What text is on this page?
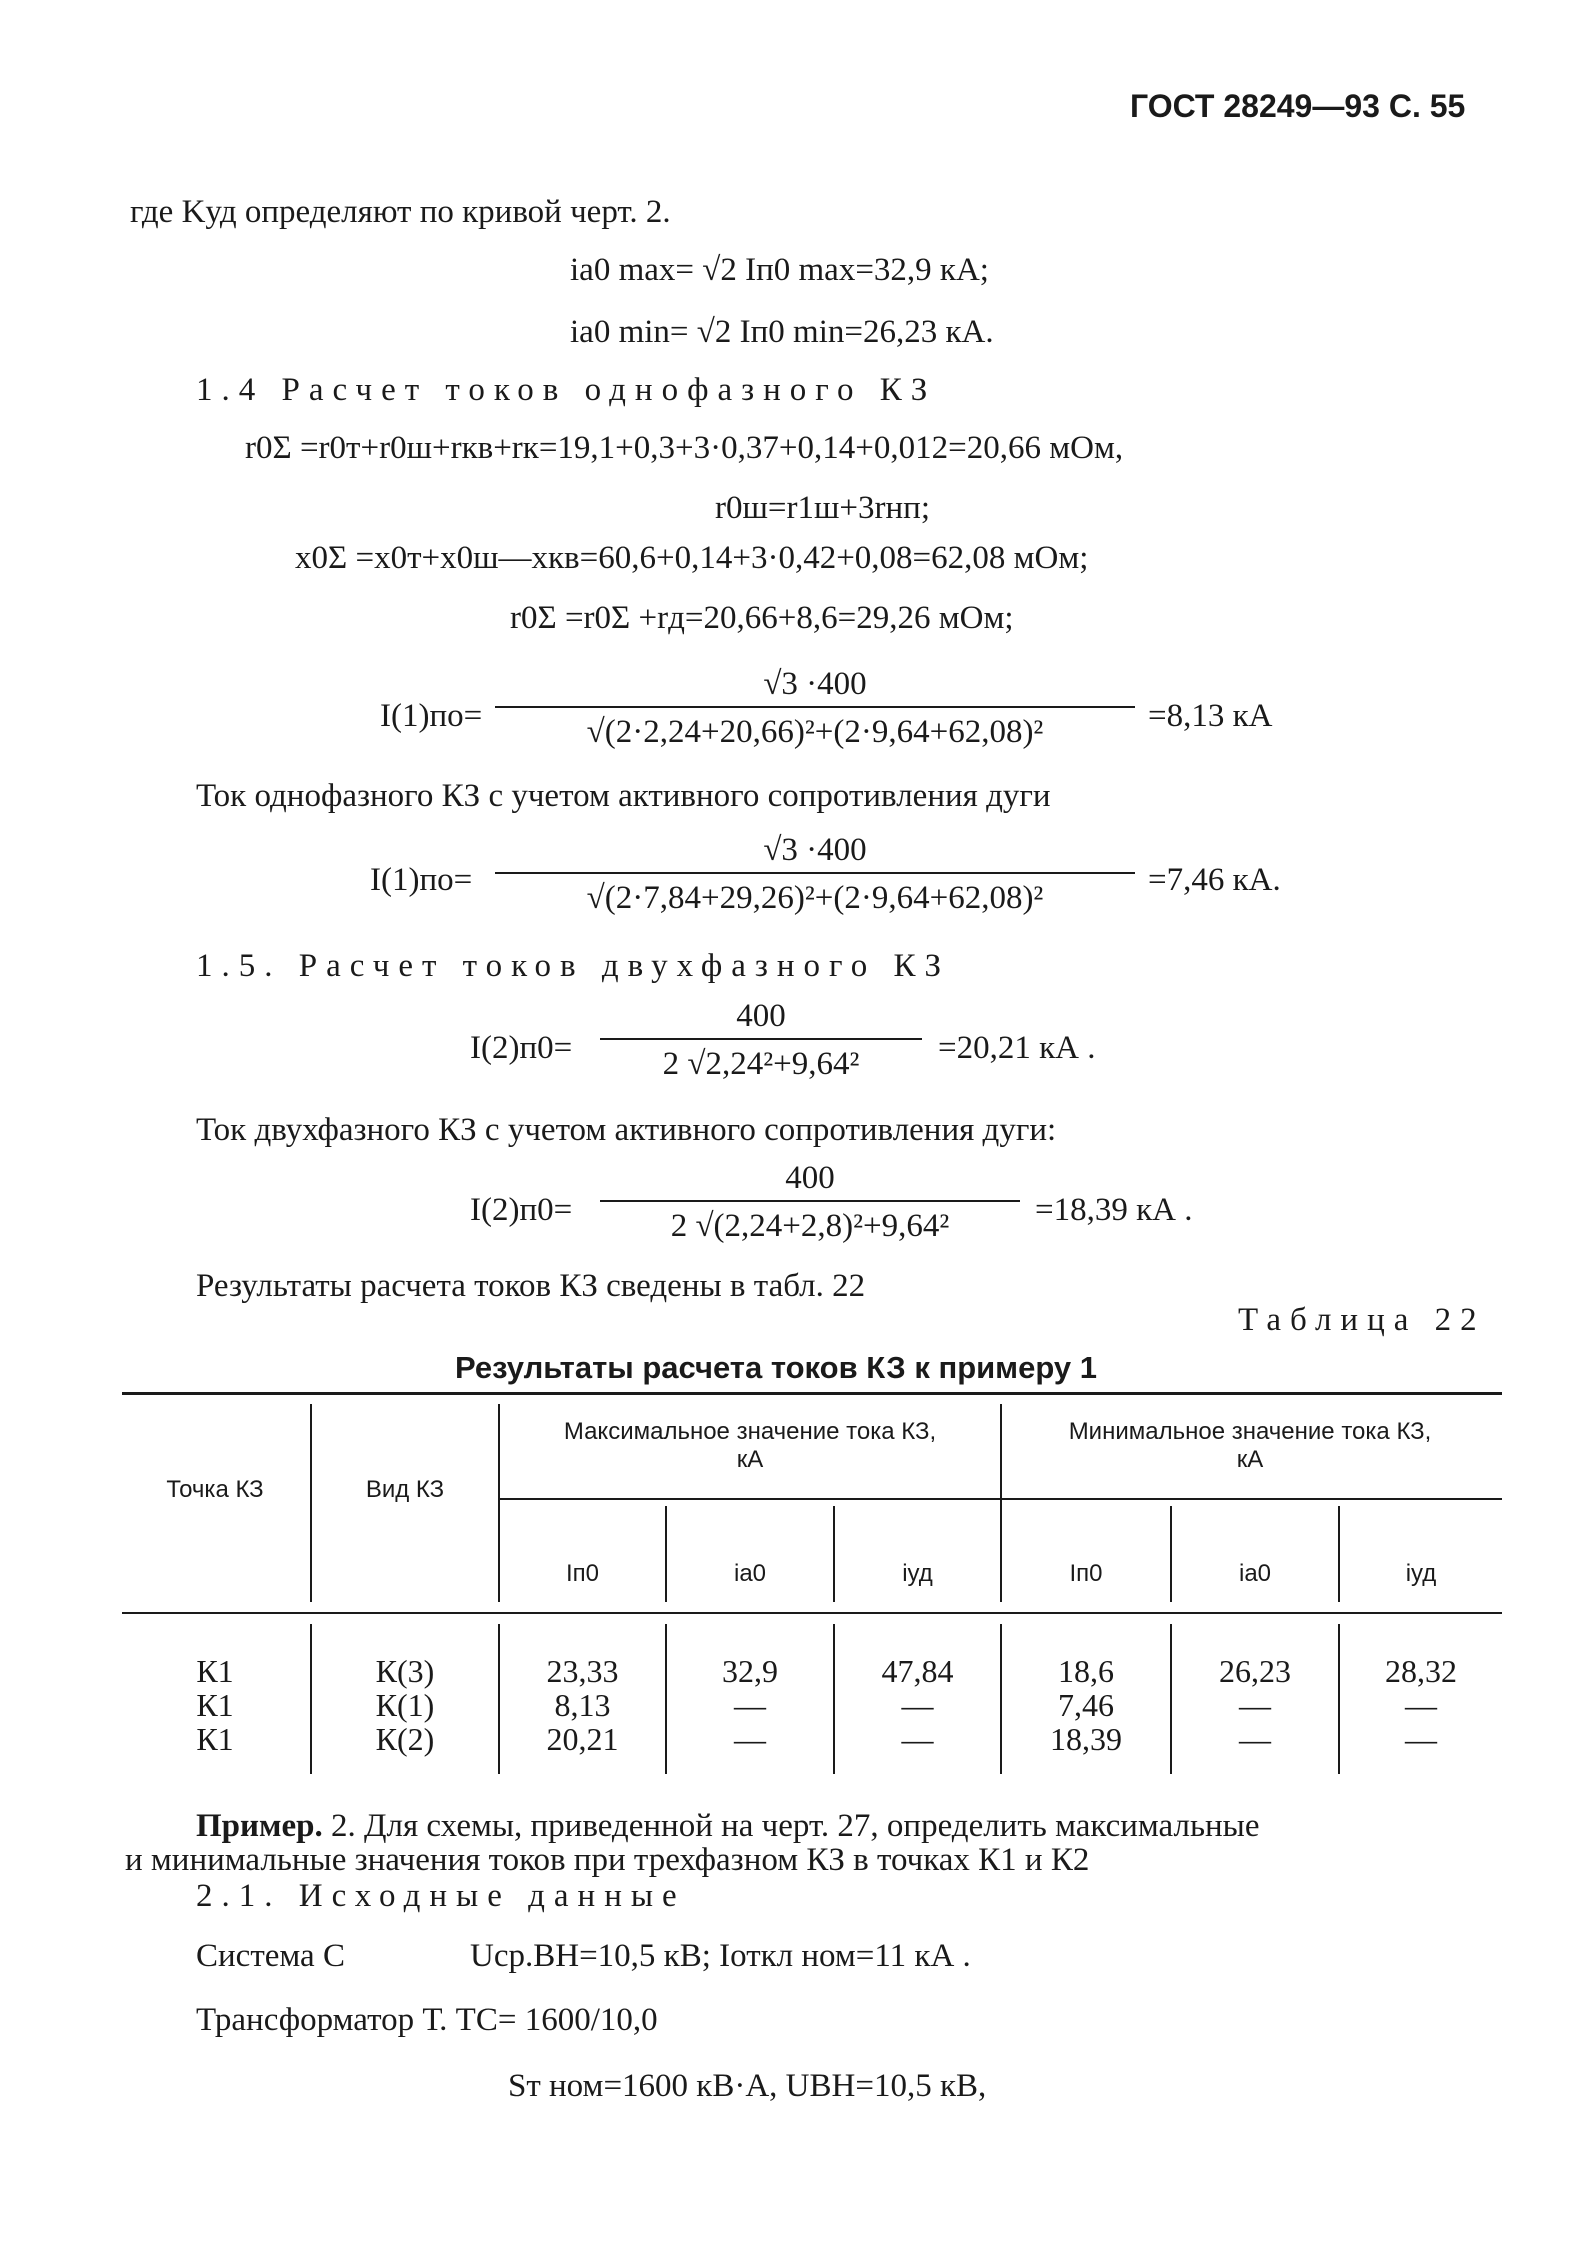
ГОСТ 28249—93 С. 55
где Kуд определяют по кривой черт. 2.
iа0 max= √2 Iп0 max=32,9 кА;
iа0 min= √2 Iп0 min=26,23 кА.
1.4 Расчет токов однофазного КЗ
r0Σ =r0т+r0ш+rкв+rк=19,1+0,3+3·0,37+0,14+0,012=20,66 мОм,
r0ш=r1ш+3rнп;
x0Σ =x0т+x0ш—xкв=60,6+0,14+3·0,42+0,08=62,08 мОм;
r0Σ =r0Σ +rд=20,66+8,6=29,26 мОм;
I(1)по=
√3 ·400
√(2·2,24+20,66)²+(2·9,64+62,08)²	=8,13 кА
Ток однофазного КЗ с учетом активного сопротивления дуги
I(1)по=
√3 ·400
√(2·7,84+29,26)²+(2·9,64+62,08)²	=7,46 кА.
1.5. Расчет токов двухфазного КЗ
I(2)п0=
400
2 √2,24²+9,64²	=20,21 кА .
Ток двухфазного КЗ с учетом активного сопротивления дуги:
I(2)п0=
400
2 √(2,24+2,8)²+9,64²	=18,39 кА .
Результаты расчета токов КЗ сведены в табл. 22
Таблица 22
Результаты расчета токов КЗ к примеру 1
Точка КЗ	Вид КЗ
Максимальное значение тока КЗ, кА
Минимальное значение тока КЗ, кА
Iп0	iа0	iуд	Iп0	iа0	iуд
К1	К(3)	23,33	32,9	47,84	18,6	26,23	28,32
К1	К(1)	8,13	—	—	7,46	—	—
К1	К(2)	20,21	—	—	18,39	—	—
Пример. 2. Для схемы, приведенной на черт. 27, определить максимальные
и минимальные значения токов при трехфазном КЗ в точках К1 и К2
2.1. Исходные данные
Система С	Uср.ВН=10,5 кВ; Iоткл ном=11 кА .
Трансформатор Т. ТС= 1600/10,0
Sт ном=1600 кВ·А, UВН=10,5 кВ,
